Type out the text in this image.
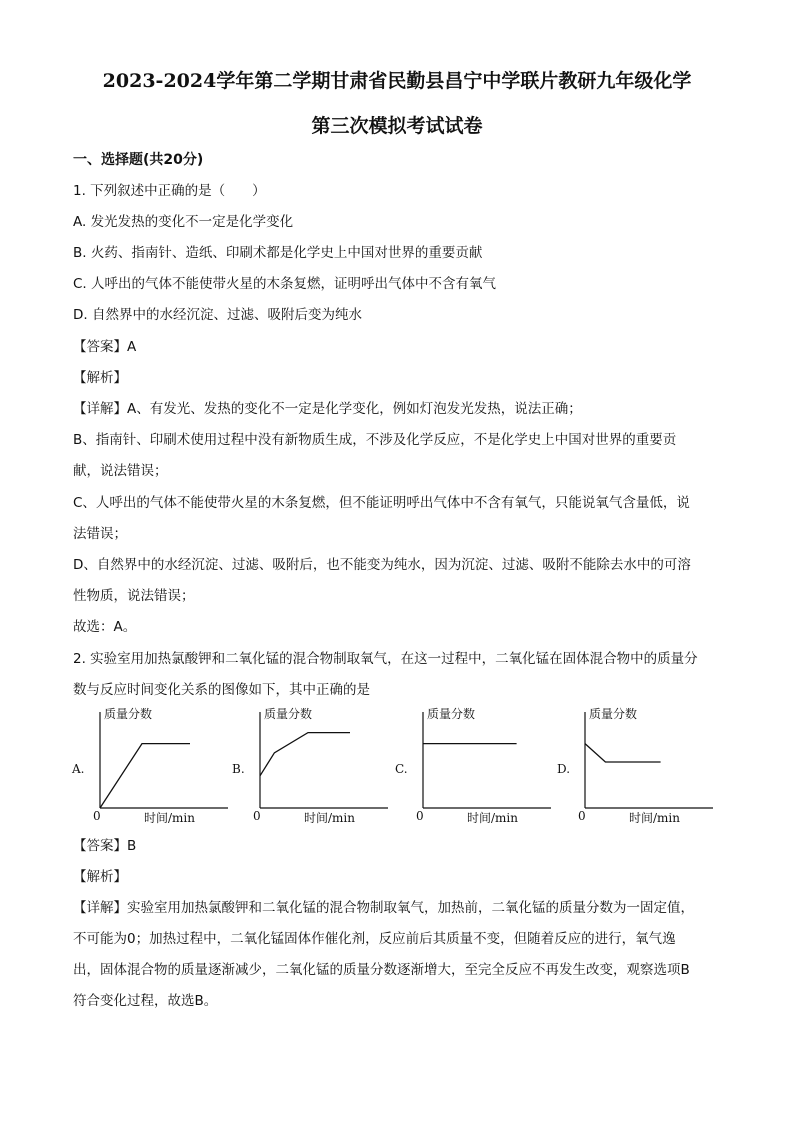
2023-2024学年第二学期甘肃省民勤县昌宁中学联片教研九年级化学
第三次模拟考试试卷
一、选择题(共20分)
1. 下列叙述中正确的是（　　）
A. 发光发热的变化不一定是化学变化
B. 火药、指南针、造纸、印刷术都是化学史上中国对世界的重要贡献
C. 人呼出的气体不能使带火星的木条复燃，证明呼出气体中不含有氧气
D. 自然界中的水经沉淀、过滤、吸附后变为纯水
【答案】A
【解析】
【详解】A、有发光、发热的变化不一定是化学变化，例如灯泡发光发热，说法正确；
B、指南针、印刷术使用过程中没有新物质生成，不涉及化学反应，不是化学史上中国对世界的重要贡
献，说法错误；
C、人呼出的气体不能使带火星的木条复燃，但不能证明呼出气体中不含有氧气，只能说氧气含量低，说
法错误；
D、自然界中的水经沉淀、过滤、吸附后，也不能变为纯水，因为沉淀、过滤、吸附不能除去水中的可溶
性物质，说法错误；
故选：A。
2. 实验室用加热氯酸钾和二氧化锰的混合物制取氧气，在这一过程中，二氧化锰在固体混合物中的质量分
数与反应时间变化关系的图像如下，其中正确的是
A.
质量分数
时间/min
0
B.
质量分数
时间/min
0
C.
质量分数
时间/min
0
D.
质量分数
时间/min
0
【答案】B
【解析】
【详解】实验室用加热氯酸钾和二氧化锰的混合物制取氧气，加热前，二氧化锰的质量分数为一固定值，
不可能为0；加热过程中，二氧化锰固体作催化剂，反应前后其质量不变，但随着反应的进行，氧气逸
出，固体混合物的质量逐渐减少，二氧化锰的质量分数逐渐增大，至完全反应不再发生改变，观察选项B
符合变化过程，故选B。
